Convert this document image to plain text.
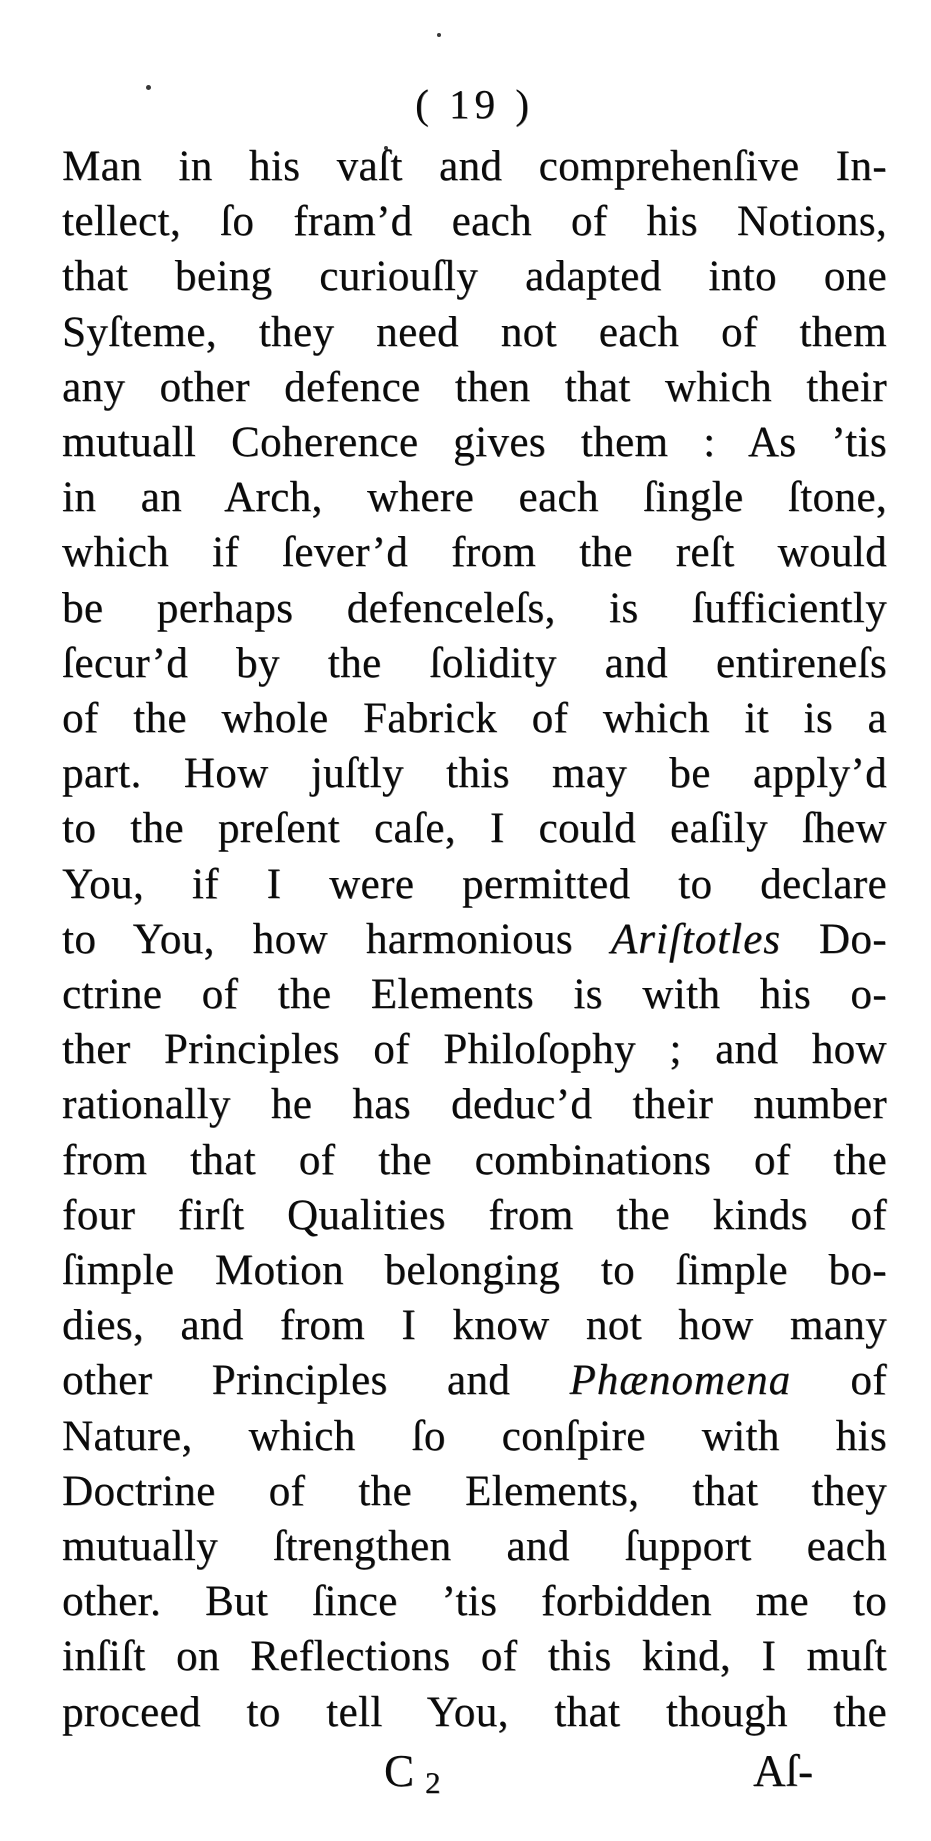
( 19 )
Man in his vaſt and comprehenſive In-
tellect, ſo fram’d each of his Notions,
that being curiouſly adapted into one
Syſteme, they need not each of them
any other defence then that which their
mutuall Coherence gives them : As ’tis
in an Arch, where each ſingle ſtone,
which if ſever’d from the reſt would
be perhaps defenceleſs, is ſufficiently
ſecur’d by the ſolidity and entireneſs
of the whole Fabrick of which it is a
part. How juſtly this may be apply’d
to the preſent caſe, I could eaſily ſhew
You, if I were permitted to declare
to You, how harmonious Ariſtotles Do-
ctrine of the Elements is with his o-
ther Principles of Philoſophy ; and how
rationally he has deduc’d their number
from that of the combinations of the
four firſt Qualities from the kinds of
ſimple Motion belonging to ſimple bo-
dies, and from I know not how many
other Principles and Phænomena of
Nature, which ſo conſpire with his
Doctrine of the Elements, that they
mutually ſtrengthen and ſupport each
other. But ſince ’tis forbidden me to
inſiſt on Reflections of this kind, I muſt
proceed to tell You, that though the
C 2	Aſ-
